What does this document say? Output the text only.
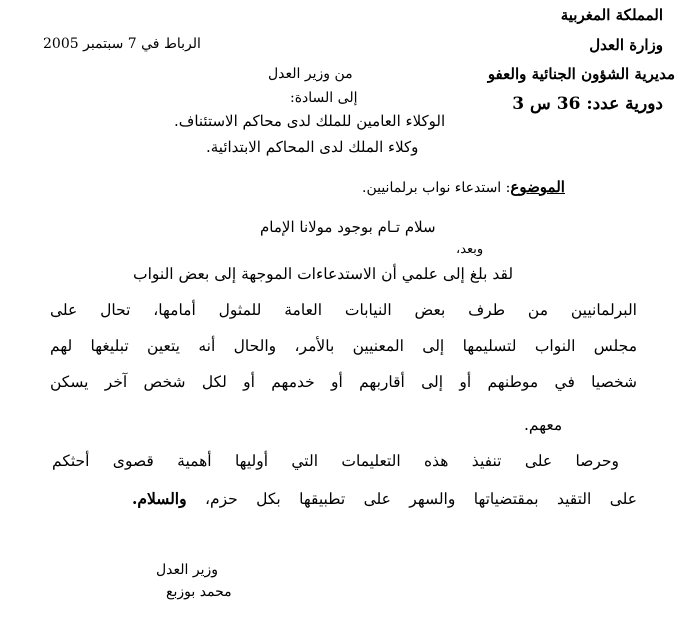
المملكة المغربية
وزارة العدل
مديرية الشؤون الجنائية والعفو
دورية عدد: 36 س 3
الرباط في 7 سبتمبر 2005
من وزير العدل
إلى السادة:
الوكلاء العامين للملك لدى محاكم الاستئناف.
وكلاء الملك لدى المحاكم الابتدائية.
الموضوع: استدعاء نواب برلمانيين.
سلام تـام بوجود مولانا الإمام
وبعد،
لقد بلغ إلى علمي أن الاستدعاءات الموجهة إلى بعض النواب
البرلمانيين من طرف بعض النيابات العامة للمثول أمامها، تحال على
مجلس النواب لتسليمها إلى المعنيين بالأمر، والحال أنه يتعين تبليغها لهم
شخصيا في موطنهم أو إلى أقاربهم أو خدمهم أو لكل شخص آخر يسكن
معهم.
وحرصا على تنفيذ هذه التعليمات التي أوليها أهمية قصوى أحثكم
على التقيد بمقتضياتها والسهر على تطبيقها بكل حزم، والسلام.
وزير العدل
محمد بوزبع
